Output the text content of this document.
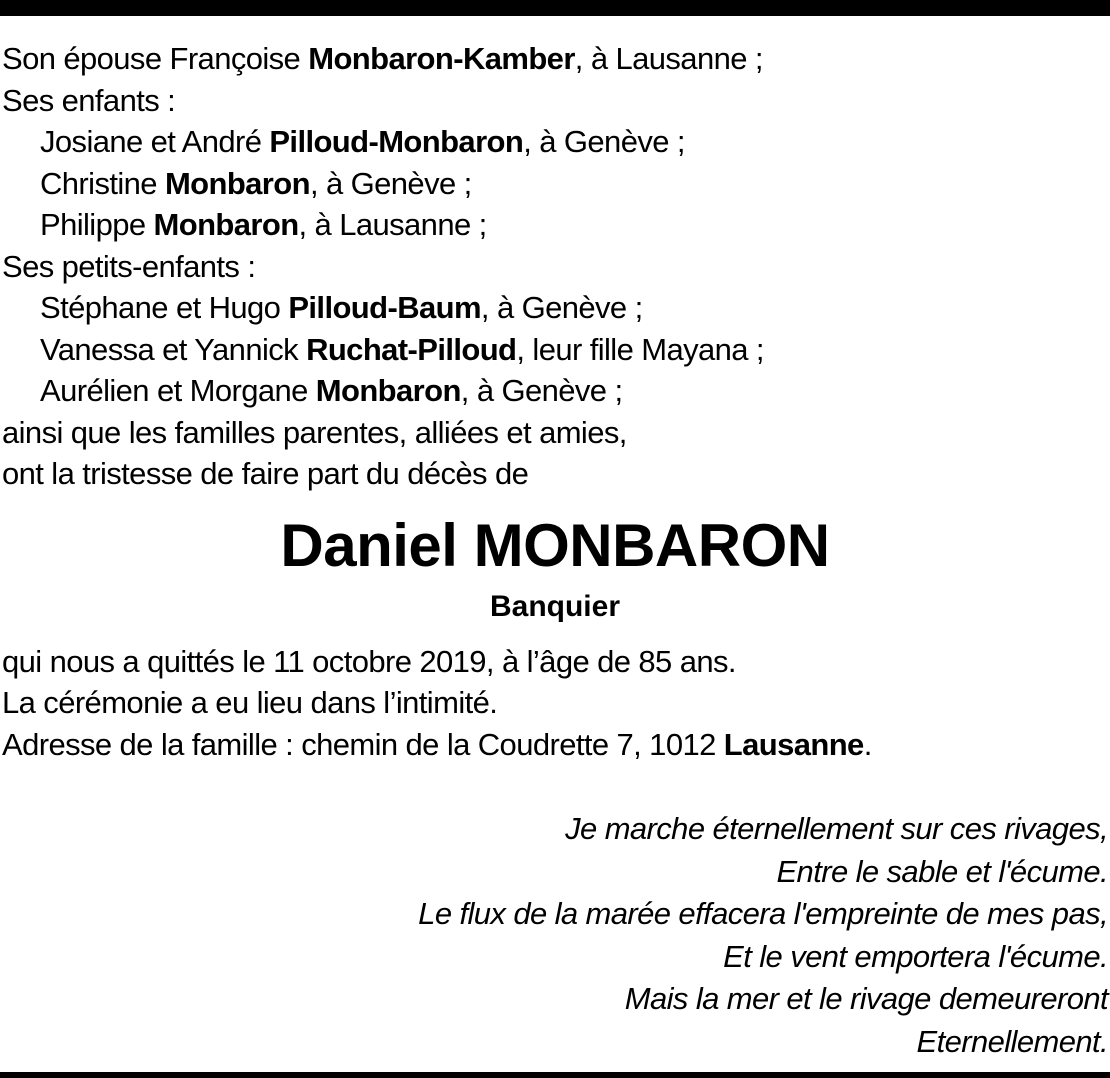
Son épouse Françoise Monbaron-Kamber, à Lausanne ;
Ses enfants :
Josiane et André Pilloud-Monbaron, à Genève ;
Christine Monbaron, à Genève ;
Philippe Monbaron, à Lausanne ;
Ses petits-enfants :
Stéphane et Hugo Pilloud-Baum, à Genève ;
Vanessa et Yannick Ruchat-Pilloud, leur fille Mayana ;
Aurélien et Morgane Monbaron, à Genève ;
ainsi que les familles parentes, alliées et amies,
ont la tristesse de faire part du décès de
Daniel MONBARON
Banquier
qui nous a quittés le 11 octobre 2019, à l’âge de 85 ans.
La cérémonie a eu lieu dans l’intimité.
Adresse de la famille : chemin de la Coudrette 7, 1012 Lausanne.
Je marche éternellement sur ces rivages,
Entre le sable et l'écume.
Le flux de la marée effacera l'empreinte de mes pas,
Et le vent emportera l'écume.
Mais la mer et le rivage demeureront
Eternellement.
